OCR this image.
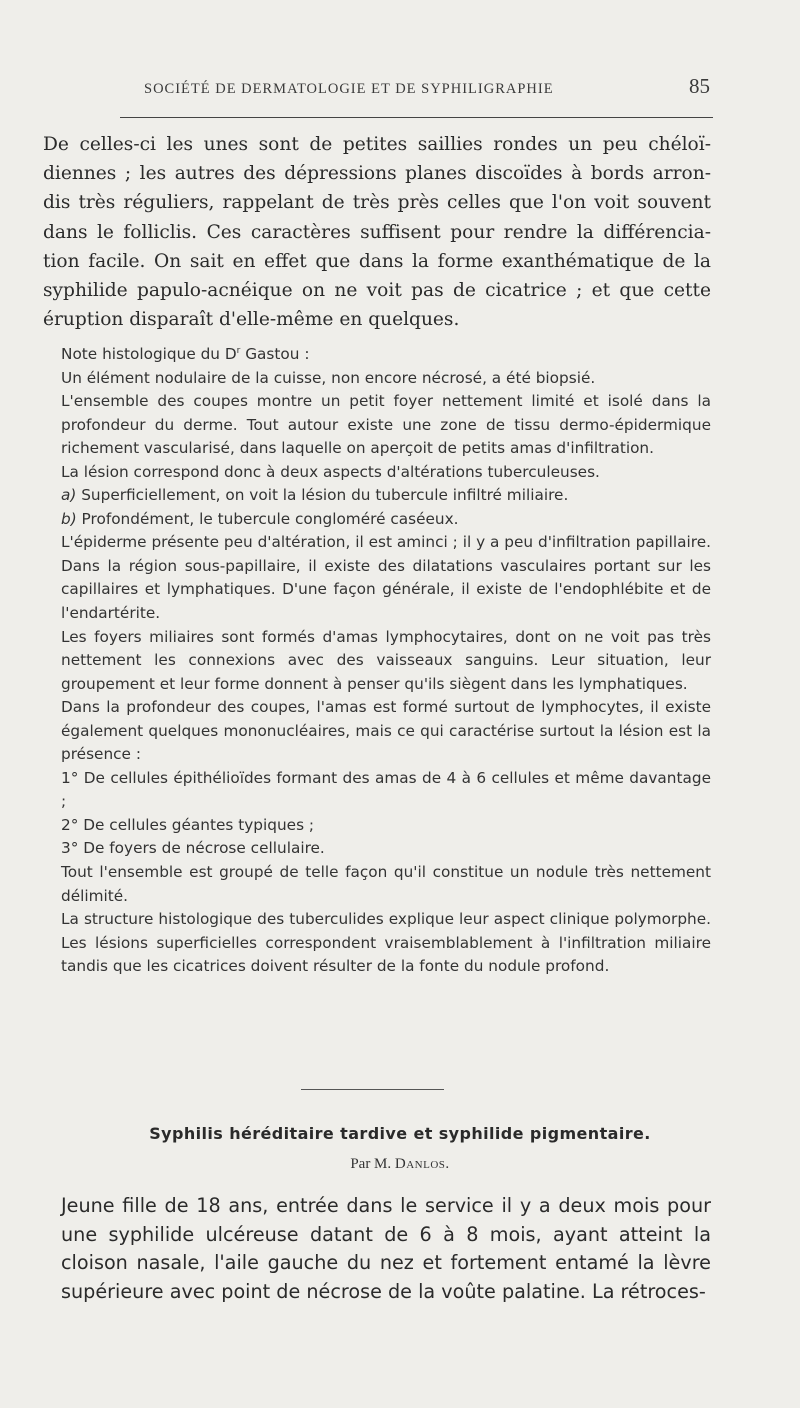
SOCIÉTÉ DE DERMATOLOGIE ET DE SYPHILIGRAPHIE	85

De celles-ci les unes sont de petites saillies rondes un peu chéloï-

diennes ; les autres des dépressions planes discoïdes à bords arron-

dis très réguliers, rappelant de très près celles que l'on voit souvent

dans le folliclis. Ces caractères suffisent pour rendre la différencia-

tion facile. On sait en effet que dans la forme exanthématique de la

syphilide papulo-acnéique on ne voit pas de cicatrice ; et que cette

éruption disparaît d'elle-même en quelques.

Note histologique du $D^r$ Gastou :

Un élément nodulaire de la cuisse, non encore nécrosé, a été biopsié.

L'ensemble des coupes montre un petit foyer nettement limité et isolé dans la profondeur du derme. Tout autour existe une zone de tissu dermo-épidermique richement vascularisé, dans laquelle on aperçoit de petits amas d'infiltration.

La lésion correspond donc à deux aspects d'altérations tuberculeuses.

a) Superficiellement, on voit la lésion du tubercule infiltré miliaire.

b) Profondément, le tubercule congloméré caséeux.

L'épiderme présente peu d'altération, il est aminci ; il y a peu d'infiltration papillaire. Dans la région sous-papillaire, il existe des dilatations vasculaires portant sur les capillaires et lymphatiques. D'une façon générale, il existe de l'endophlébite et de l'endartérite.

Les foyers miliaires sont formés d'amas lymphocytaires, dont on ne voit pas très nettement les connexions avec des vaisseaux sanguins. Leur situation, leur groupement et leur forme donnent à penser qu'ils siègent dans les lymphatiques.

Dans la profondeur des coupes, l'amas est formé surtout de lymphocytes, il existe également quelques mononucléaires, mais ce qui caractérise surtout la lésion est la présence :

1° De cellules épithélioïdes formant des amas de 4 à 6 cellules et même davantage ;

2° De cellules géantes typiques ;

3° De foyers de nécrose cellulaire.

Tout l'ensemble est groupé de telle façon qu'il constitue un nodule très nettement délimité.

La structure histologique des tuberculides explique leur aspect clinique polymorphe. Les lésions superficielles correspondent vraisemblablement à l'infiltration miliaire tandis que les cicatrices doivent résulter de la fonte du nodule profond.

Syphilis héréditaire tardive et syphilide pigmentaire.
Par M. Danlos.

Jeune fille de 18 ans, entrée dans le service il y a deux mois pour une syphilide ulcéreuse datant de 6 à 8 mois, ayant atteint la cloison nasale, l'aile gauche du nez et fortement entamé la lèvre supérieure avec point de nécrose de la voûte palatine. La rétroces-
